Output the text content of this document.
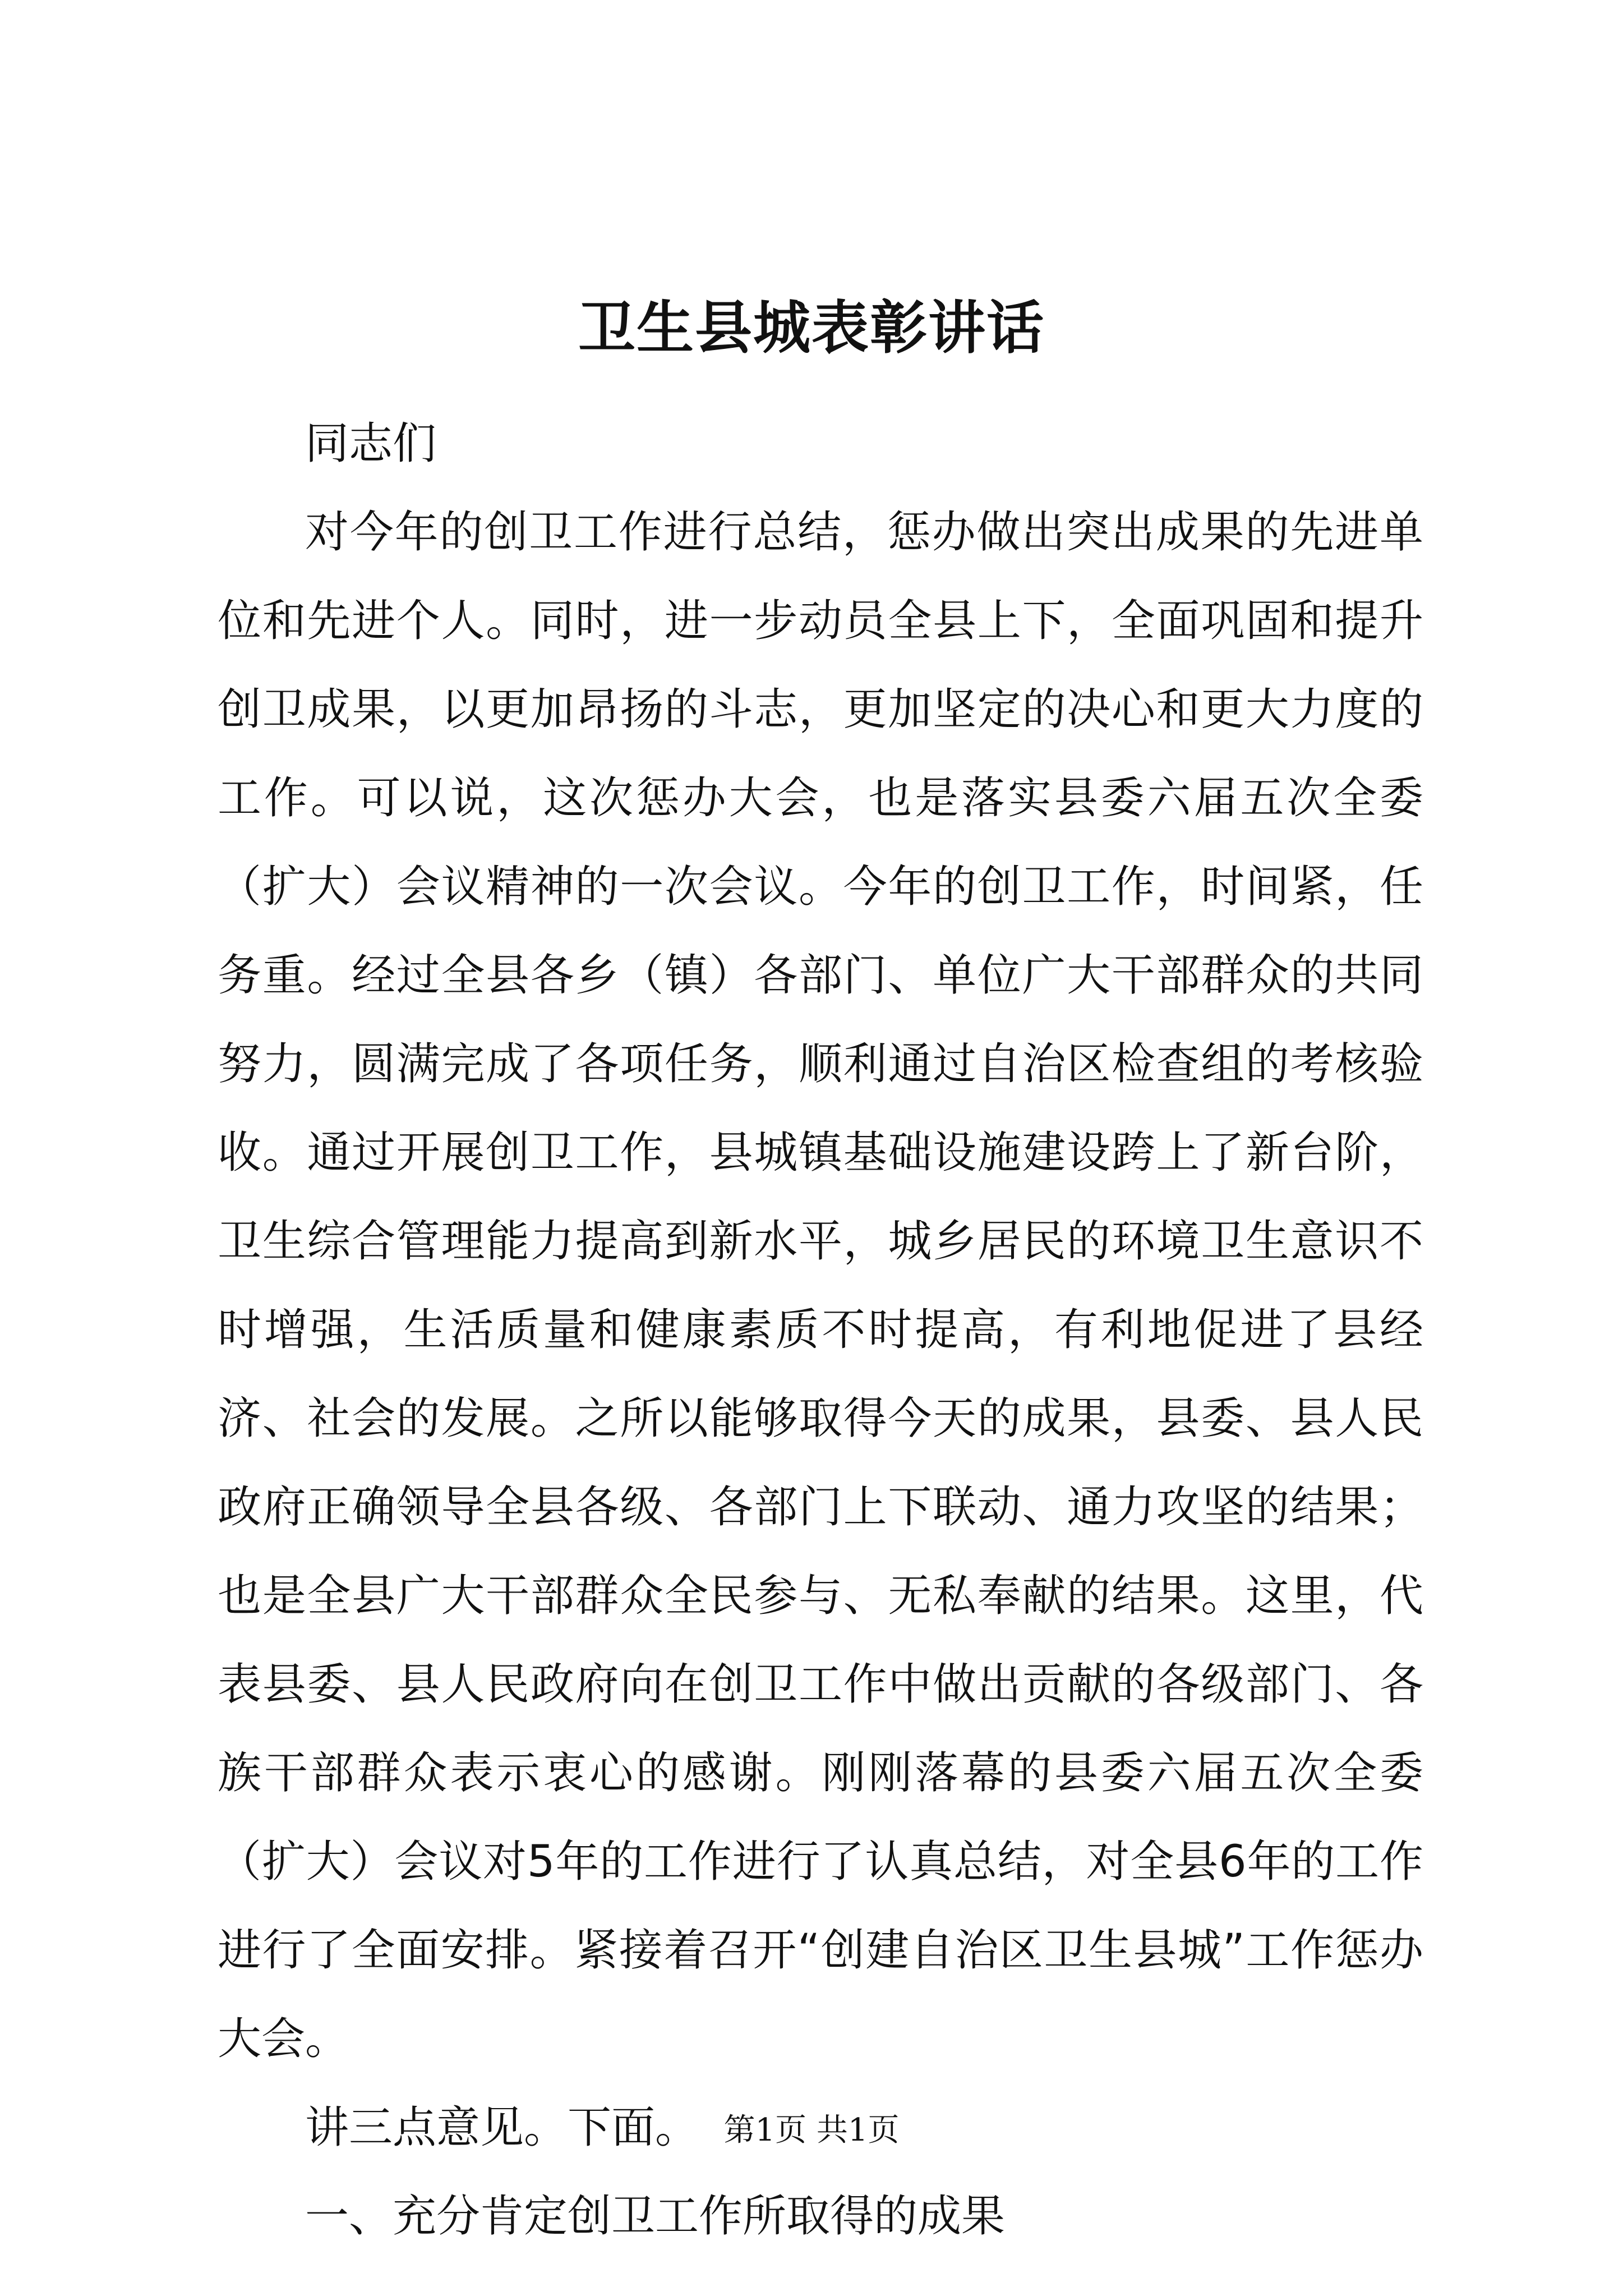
卫生县城表彰讲话

同志们

对今年的创卫工作进行总结，惩办做出突出成果的先进单位和先进个人。同时，进一步动员全县上下，全面巩固和提升创卫成果，以更加昂扬的斗志，更加坚定的决心和更大力度的工作。可以说，这次惩办大会，也是落实县委六届五次全委（扩大）会议精神的一次会议。今年的创卫工作，时间紧，任务重。经过全县各乡（镇）各部门、单位广大干部群众的共同努力，圆满完成了各项任务，顺利通过自治区检查组的考核验收。通过开展创卫工作，县城镇基础设施建设跨上了新台阶，卫生综合管理能力提高到新水平，城乡居民的环境卫生意识不时增强，生活质量和健康素质不时提高，有利地促进了县经济、社会的发展。之所以能够取得今天的成果，县委、县人民政府正确领导全县各级、各部门上下联动、通力攻坚的结果；也是全县广大干部群众全民参与、无私奉献的结果。这里，代表县委、县人民政府向在创卫工作中做出贡献的各级部门、各族干部群众表示衷心的感谢。刚刚落幕的县委六届五次全委（扩大）会议对5年的工作进行了认真总结，对全县6年的工作进行了全面安排。紧接着召开“创建自治区卫生县城”工作惩办大会。

讲三点意见。下面。

一、充分肯定创卫工作所取得的成果

第1页 共1页
